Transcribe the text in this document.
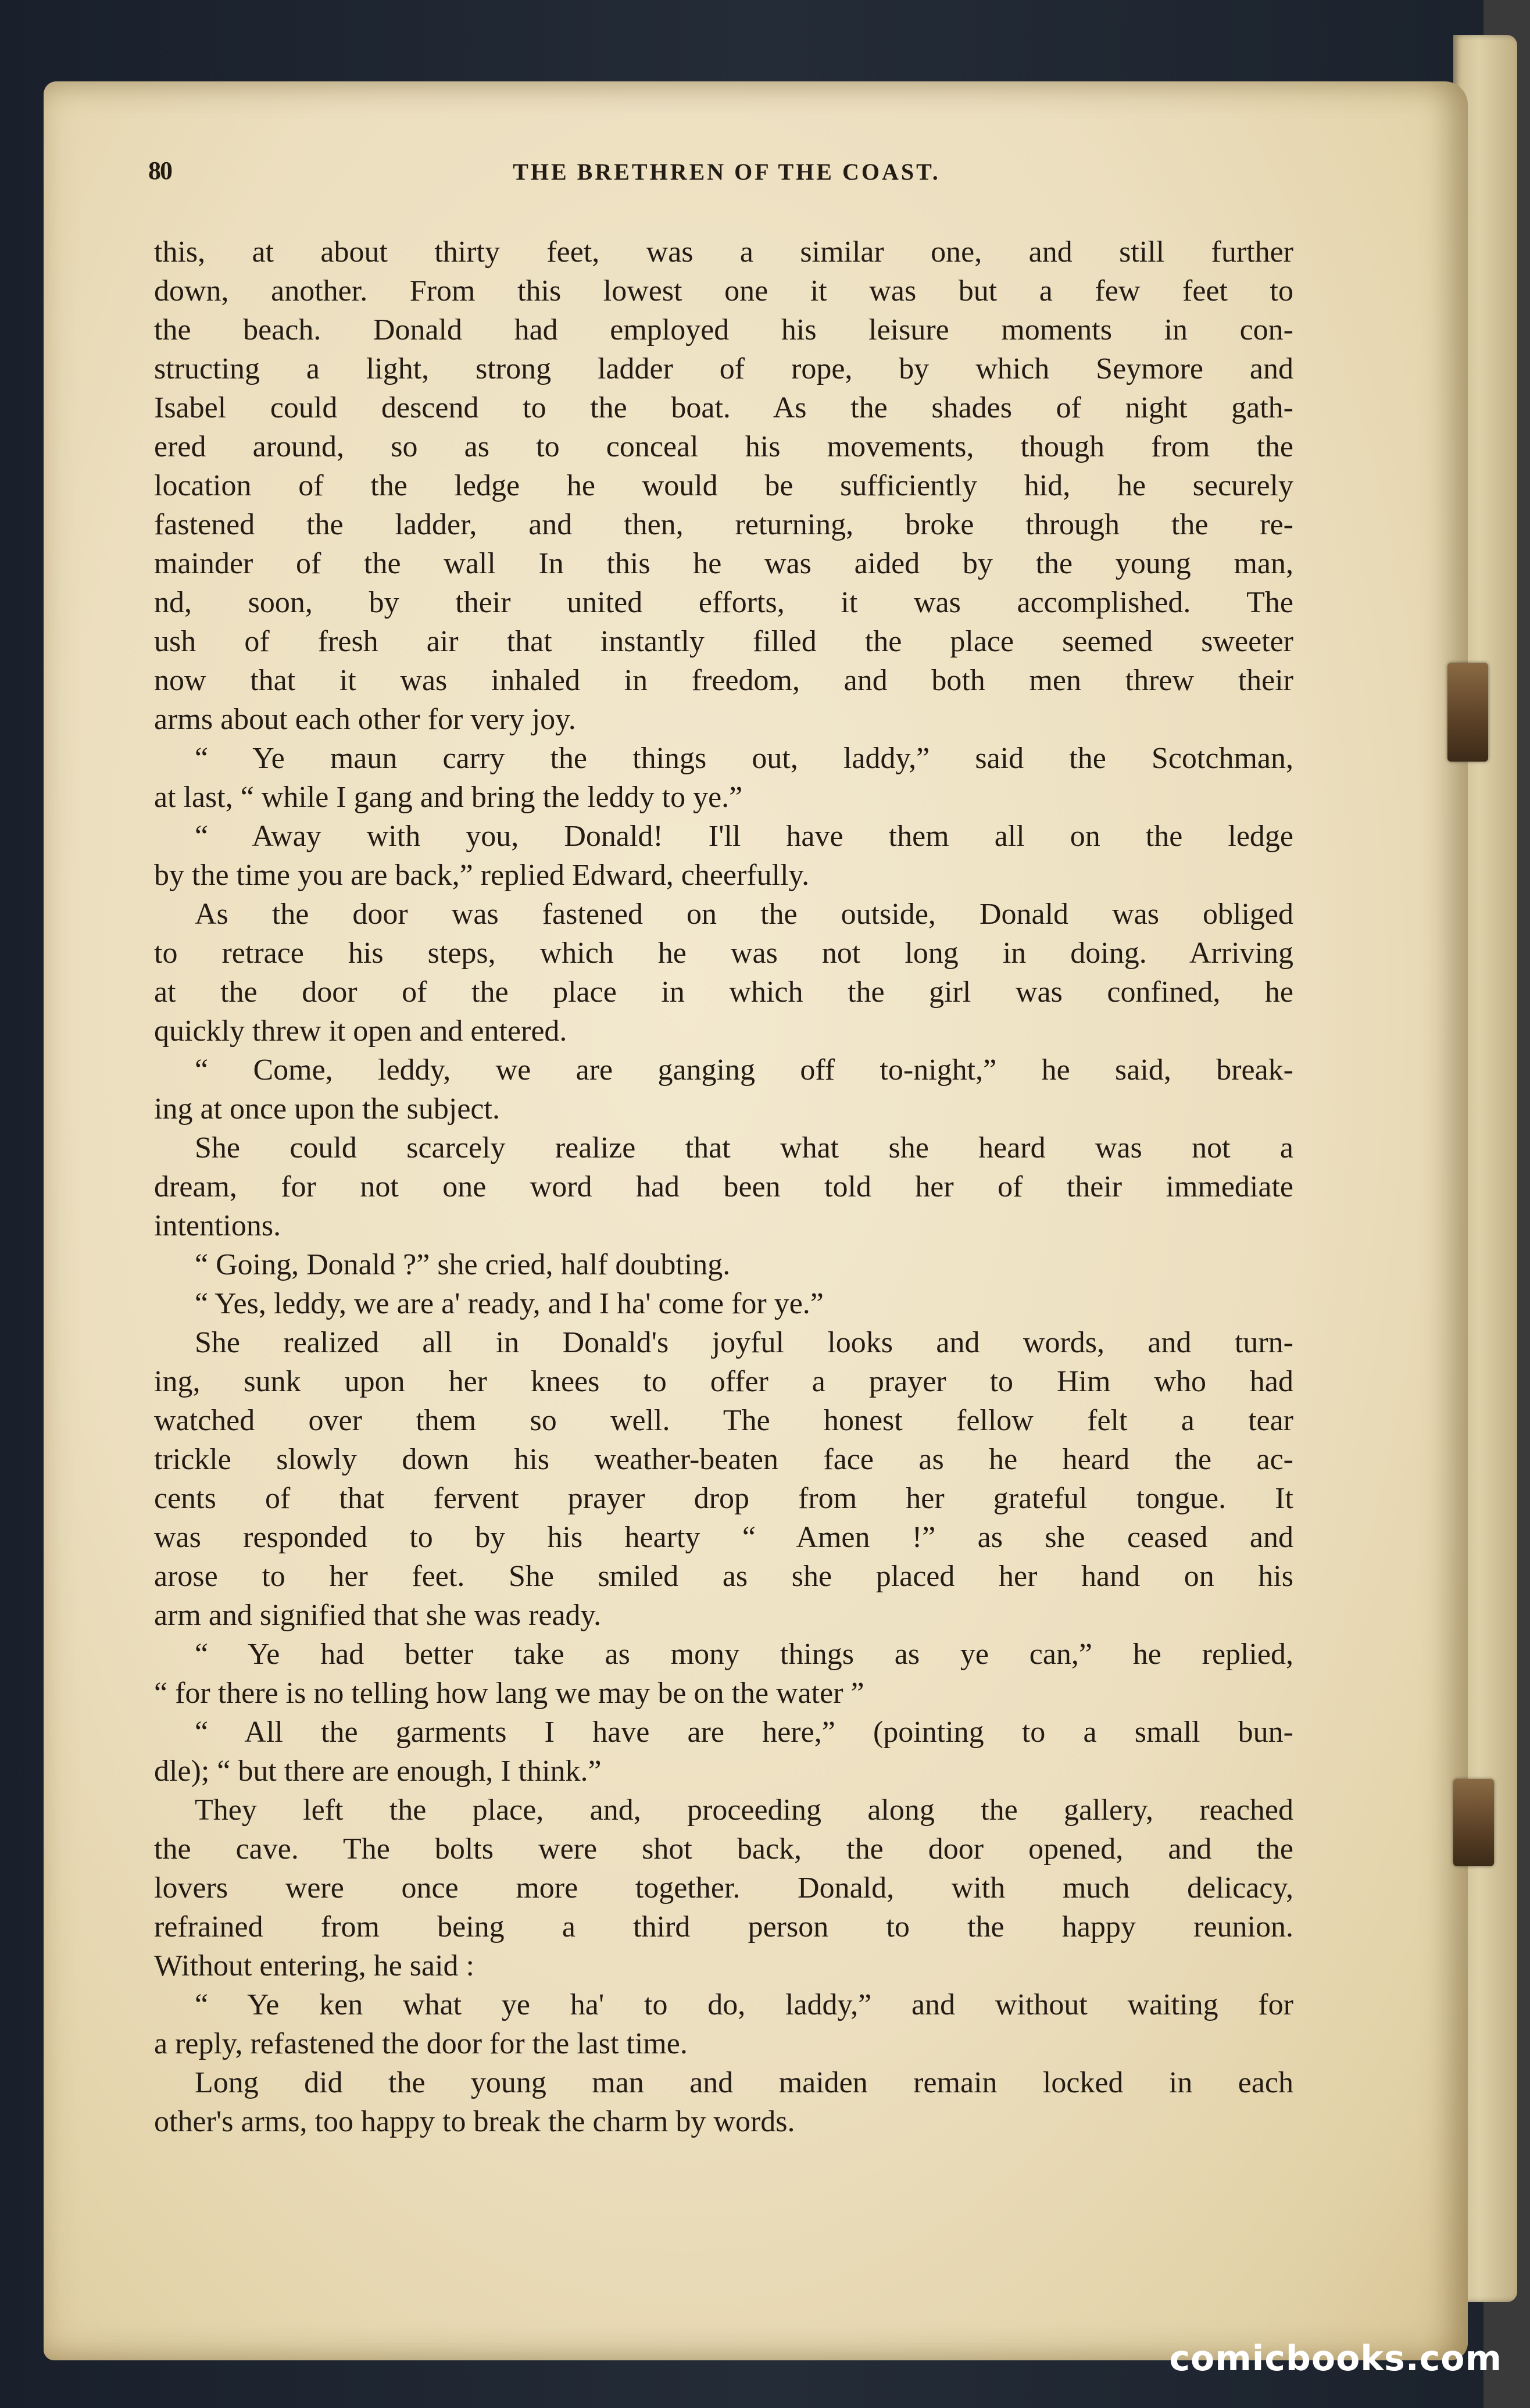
80	THE BRETHREN OF THE COAST.
this, at about thirty feet, was a similar one, and still further
down, another. From this lowest one it was but a few feet to
the beach. Donald had employed his leisure moments in con-
structing a light, strong ladder of rope, by which Seymore and
Isabel could descend to the boat. As the shades of night gath-
ered around, so as to conceal his movements, though from the
location of the ledge he would be sufficiently hid, he securely
fastened the ladder, and then, returning, broke through the re-
mainder of the wall In this he was aided by the young man,
nd, soon, by their united efforts, it was accomplished. The
ush of fresh air that instantly filled the place seemed sweeter
now that it was inhaled in freedom, and both men threw their
arms about each other for very joy.
“ Ye maun carry the things out, laddy,” said the Scotchman,
at last, “ while I gang and bring the leddy to ye.”
“ Away with you, Donald! I'll have them all on the ledge
by the time you are back,” replied Edward, cheerfully.
As the door was fastened on the outside, Donald was obliged
to retrace his steps, which he was not long in doing. Arriving
at the door of the place in which the girl was confined, he
quickly threw it open and entered.
“ Come, leddy, we are ganging off to-night,” he said, break-
ing at once upon the subject.
She could scarcely realize that what she heard was not a
dream, for not one word had been told her of their immediate
intentions.
“ Going, Donald ?” she cried, half doubting.
“ Yes, leddy, we are a' ready, and I ha' come for ye.”
She realized all in Donald's joyful looks and words, and turn-
ing, sunk upon her knees to offer a prayer to Him who had
watched over them so well. The honest fellow felt a tear
trickle slowly down his weather-beaten face as he heard the ac-
cents of that fervent prayer drop from her grateful tongue. It
was responded to by his hearty “ Amen !” as she ceased and
arose to her feet. She smiled as she placed her hand on his
arm and signified that she was ready.
“ Ye had better take as mony things as ye can,” he replied,
“ for there is no telling how lang we may be on the water ”
“ All the garments I have are here,” (pointing to a small bun-
dle); “ but there are enough, I think.”
They left the place, and, proceeding along the gallery, reached
the cave. The bolts were shot back, the door opened, and the
lovers were once more together. Donald, with much delicacy,
refrained from being a third person to the happy reunion.
Without entering, he said :
“ Ye ken what ye ha' to do, laddy,” and without waiting for
a reply, refastened the door for the last time.
Long did the young man and maiden remain locked in each
other's arms, too happy to break the charm by words.
comicbooks.com
